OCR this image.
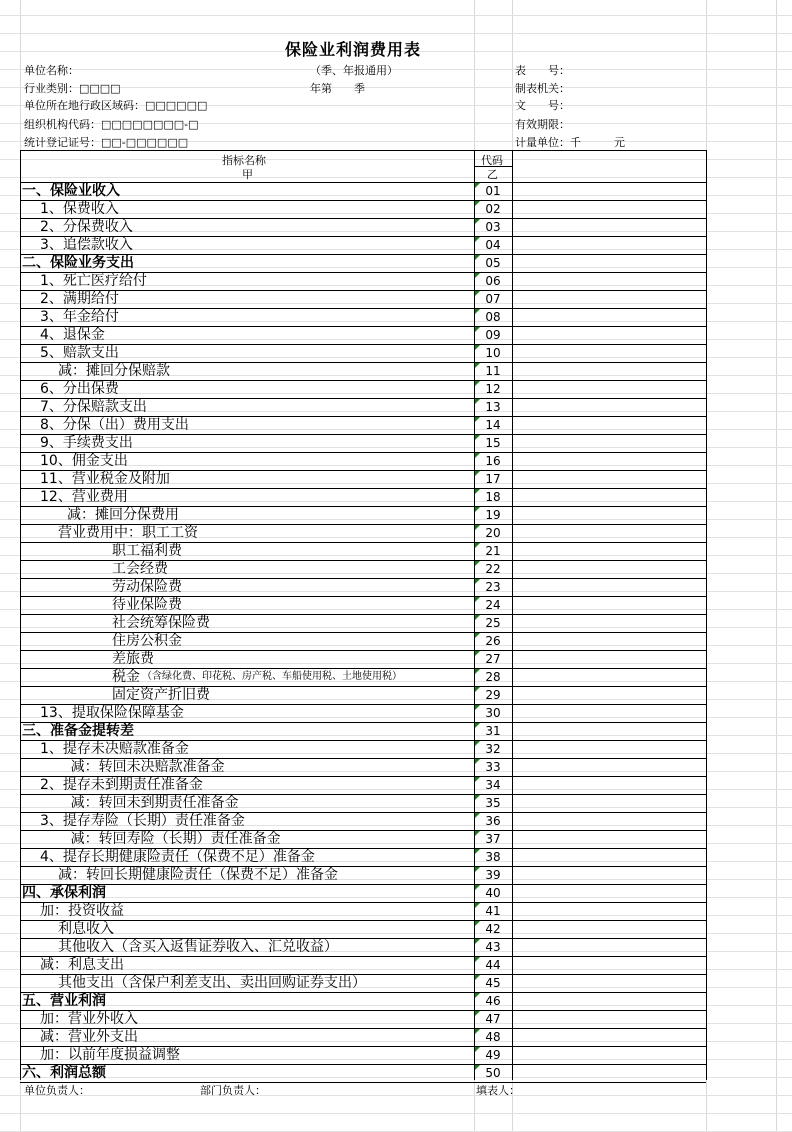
保险业利润费用表
（季、年报通用）
年第　　季
单位名称：
行业类别：□□□□
单位所在地行政区域码：□□□□□□
组织机构代码：□□□□□□□□-□
统计登记证号：□□-□□□□□□
表　　号：
制表机关：
文　　号：
有效期限：
计量单位：千　　　元
指标名称
甲
代码
乙
一、保险业收入	01
1、保费收入	02
2、分保费收入	03
3、追偿款收入	04
二、保险业务支出	05
1、死亡医疗给付	06
2、满期给付	07
3、年金给付	08
4、退保金	09
5、赔款支出	10
减：摊回分保赔款	11
6、分出保费	12
7、分保赔款支出	13
8、分保（出）费用支出	14
9、手续费支出	15
10、佣金支出	16
11、营业税金及附加	17
12、营业费用	18
减：摊回分保费用	19
营业费用中：职工工资	20
职工福利费	21
工会经费	22
劳动保险费	23
待业保险费	24
社会统筹保险费	25
住房公积金	26
差旅费	27
税金 （含绿化费、印花税、房产税、车船使用税、土地使用税）	28
固定资产折旧费	29
13、提取保险保障基金	30
三、准备金提转差	31
1、提存未决赔款准备金	32
减：转回未决赔款准备金	33
2、提存未到期责任准备金	34
减：转回未到期责任准备金	35
3、提存寿险（长期）责任准备金	36
减：转回寿险（长期）责任准备金	37
4、提存长期健康险责任（保费不足）准备金	38
减：转回长期健康险责任（保费不足）准备金	39
四、承保利润	40
加：投资收益	41
利息收入	42
其他收入（含买入返售证券收入、汇兑收益）	43
减：利息支出	44
其他支出（含保户利差支出、卖出回购证券支出）	45
五、营业利润	46
加：营业外收入	47
减：营业外支出	48
加：以前年度损益调整	49
六、利润总额	50
单位负责人：	部门负责人：	填表人：
